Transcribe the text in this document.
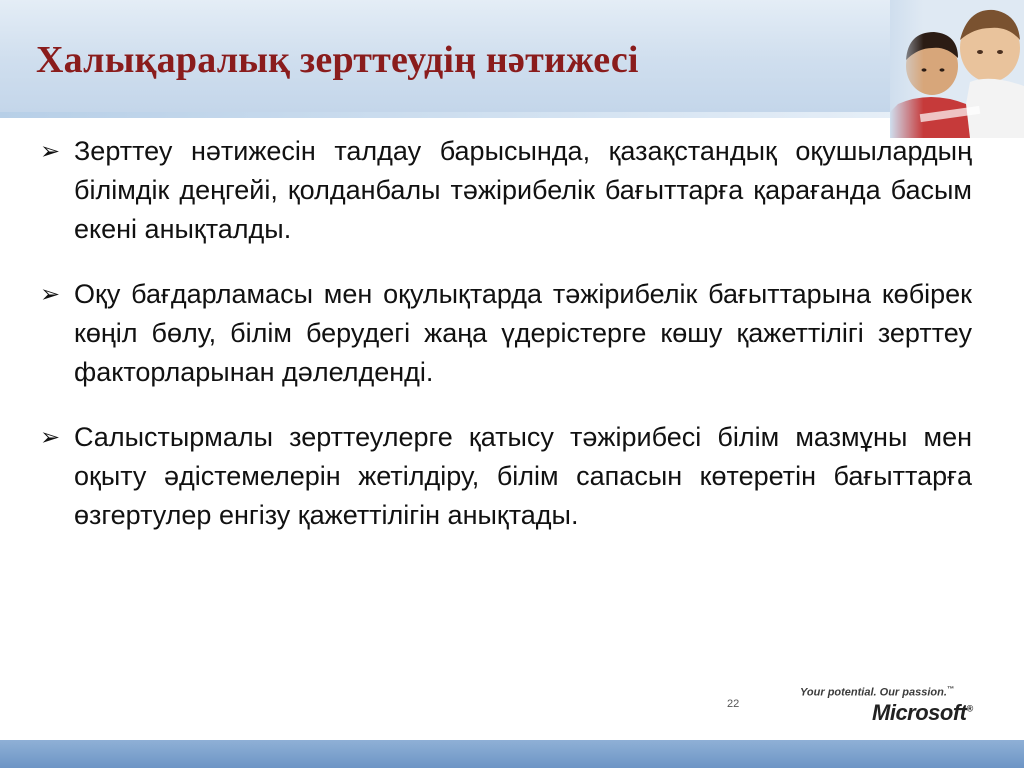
Халықаралық зерттеудің нәтижесі
➢ Зерттеу нәтижесін талдау барысында, қазақстандық оқушылардың білімдік деңгейі, қолданбалы тәжірибелік бағыттарға қарағанда басым екені анықталды.
➢ Оқу бағдарламасы мен оқулықтарда тәжірибелік бағыттарына көбірек көңіл бөлу, білім берудегі жаңа үдерістерге көшу қажеттілігі зерттеу факторларынан дәлелденді.
➢ Салыстырмалы зерттеулерге қатысу тәжірибесі білім мазмұны мен оқыту әдістемелерін жетілдіру, білім сапасын көтеретін бағыттарға өзгертулер енгізу қажеттілігін анықтады.
22
Your potential. Our passion.™
Microsoft®
